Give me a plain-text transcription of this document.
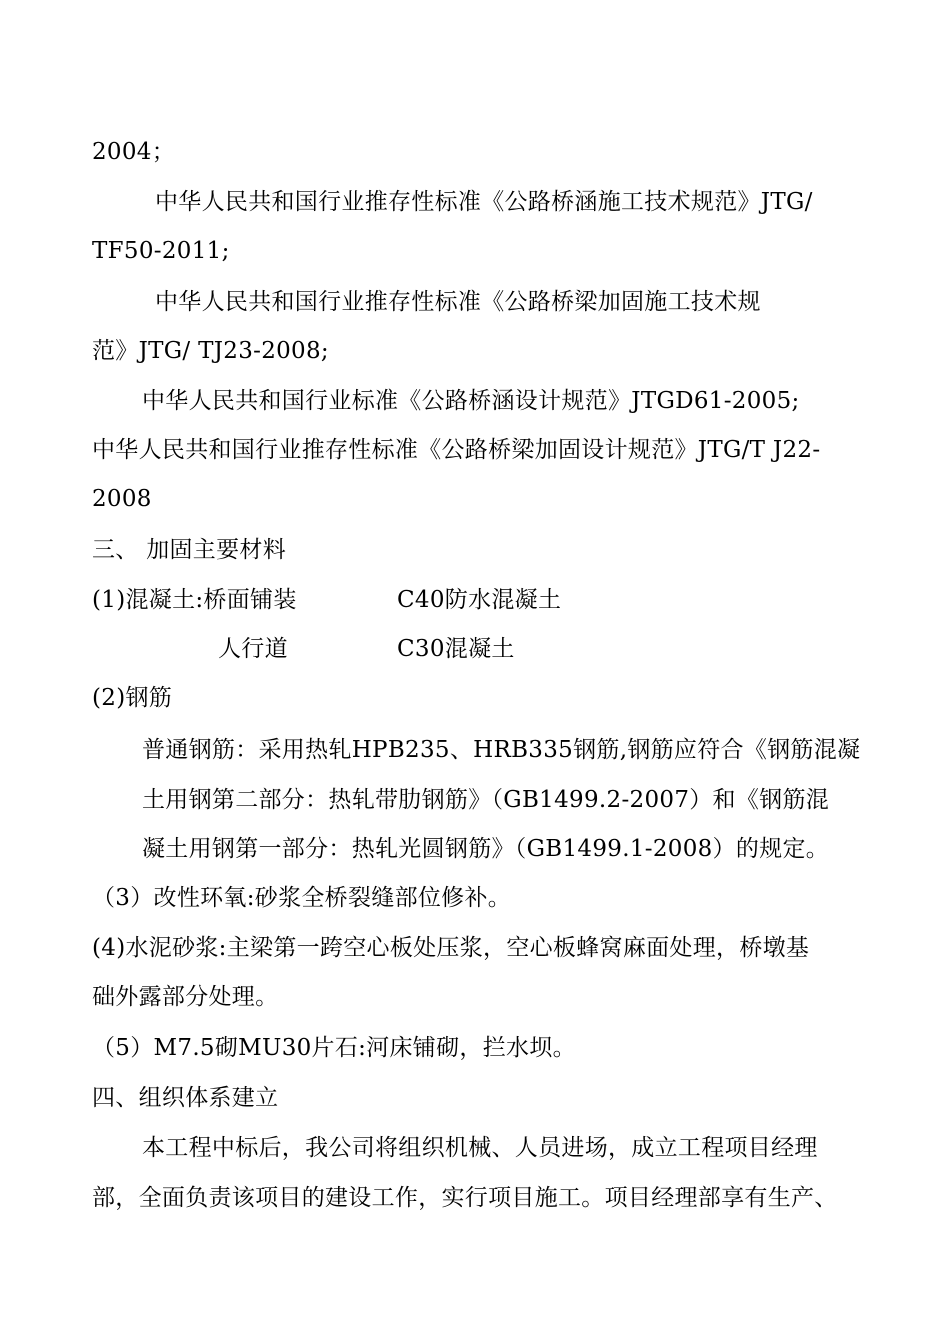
2004；
中华人民共和国行业推存性标准《公路桥涵施工技术规范》JTG/
TF50-2011;
中华人民共和国行业推存性标准《公路桥梁加固施工技术规
范》JTG/ TJ23-2008;
中华人民共和国行业标准《公路桥涵设计规范》JTGD61-2005;
中华人民共和国行业推存性标准《公路桥梁加固设计规范》JTG/T J22-
2008
三、 加固主要材料
(1)混凝土:桥面铺装	C40防水混凝土
人行道	C30混凝土
(2)钢筋
普通钢筋：采用热轧HPB235、HRB335钢筋,钢筋应符合《钢筋混凝
土用钢第二部分：热轧带肋钢筋》（GB1499.2-2007）和《钢筋混
凝土用钢第一部分：热轧光圆钢筋》（GB1499.1-2008）的规定。
（3）改性环氧:砂浆全桥裂缝部位修补。
(4)水泥砂浆:主梁第一跨空心板处压浆，空心板蜂窝麻面处理，桥墩基
础外露部分处理。
（5）M7.5砌MU30片石:河床铺砌，拦水坝。
四、组织体系建立
本工程中标后，我公司将组织机械、人员进场，成立工程项目经理
部，全面负责该项目的建设工作，实行项目施工。项目经理部享有生产、
